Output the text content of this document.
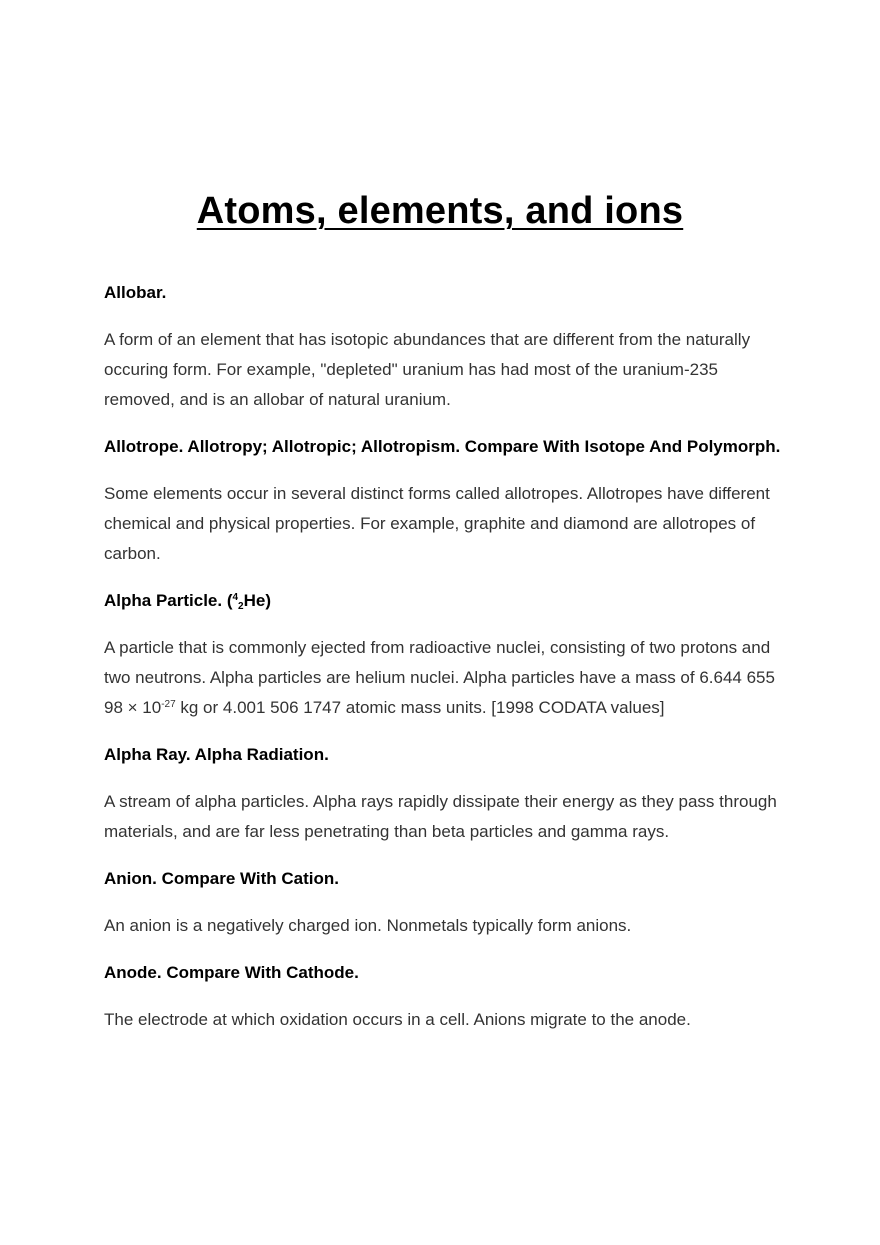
Atoms, elements, and ions

Allobar.

A form of an element that has isotopic abundances that are different from the naturally occuring form. For example, "depleted" uranium has had most of the uranium-235 removed, and is an allobar of natural uranium.

Allotrope. Allotropy; Allotropic; Allotropism. Compare With Isotope And Polymorph.

Some elements occur in several distinct forms called allotropes. Allotropes have different chemical and physical properties. For example, graphite and diamond are allotropes of carbon.

Alpha Particle. ($^4_2$He)

A particle that is commonly ejected from radioactive nuclei, consisting of two protons and two neutrons. Alpha particles are helium nuclei. Alpha particles have a mass of 6.644 655 $98 \times 10^{-27}$ kg or 4.001 506 1747 atomic mass units. [1998 CODATA values]

Alpha Ray. Alpha Radiation.

A stream of alpha particles. Alpha rays rapidly dissipate their energy as they pass through materials, and are far less penetrating than beta particles and gamma rays.

Anion. Compare With Cation.

An anion is a negatively charged ion. Nonmetals typically form anions.

Anode. Compare With Cathode.

The electrode at which oxidation occurs in a cell. Anions migrate to the anode.
